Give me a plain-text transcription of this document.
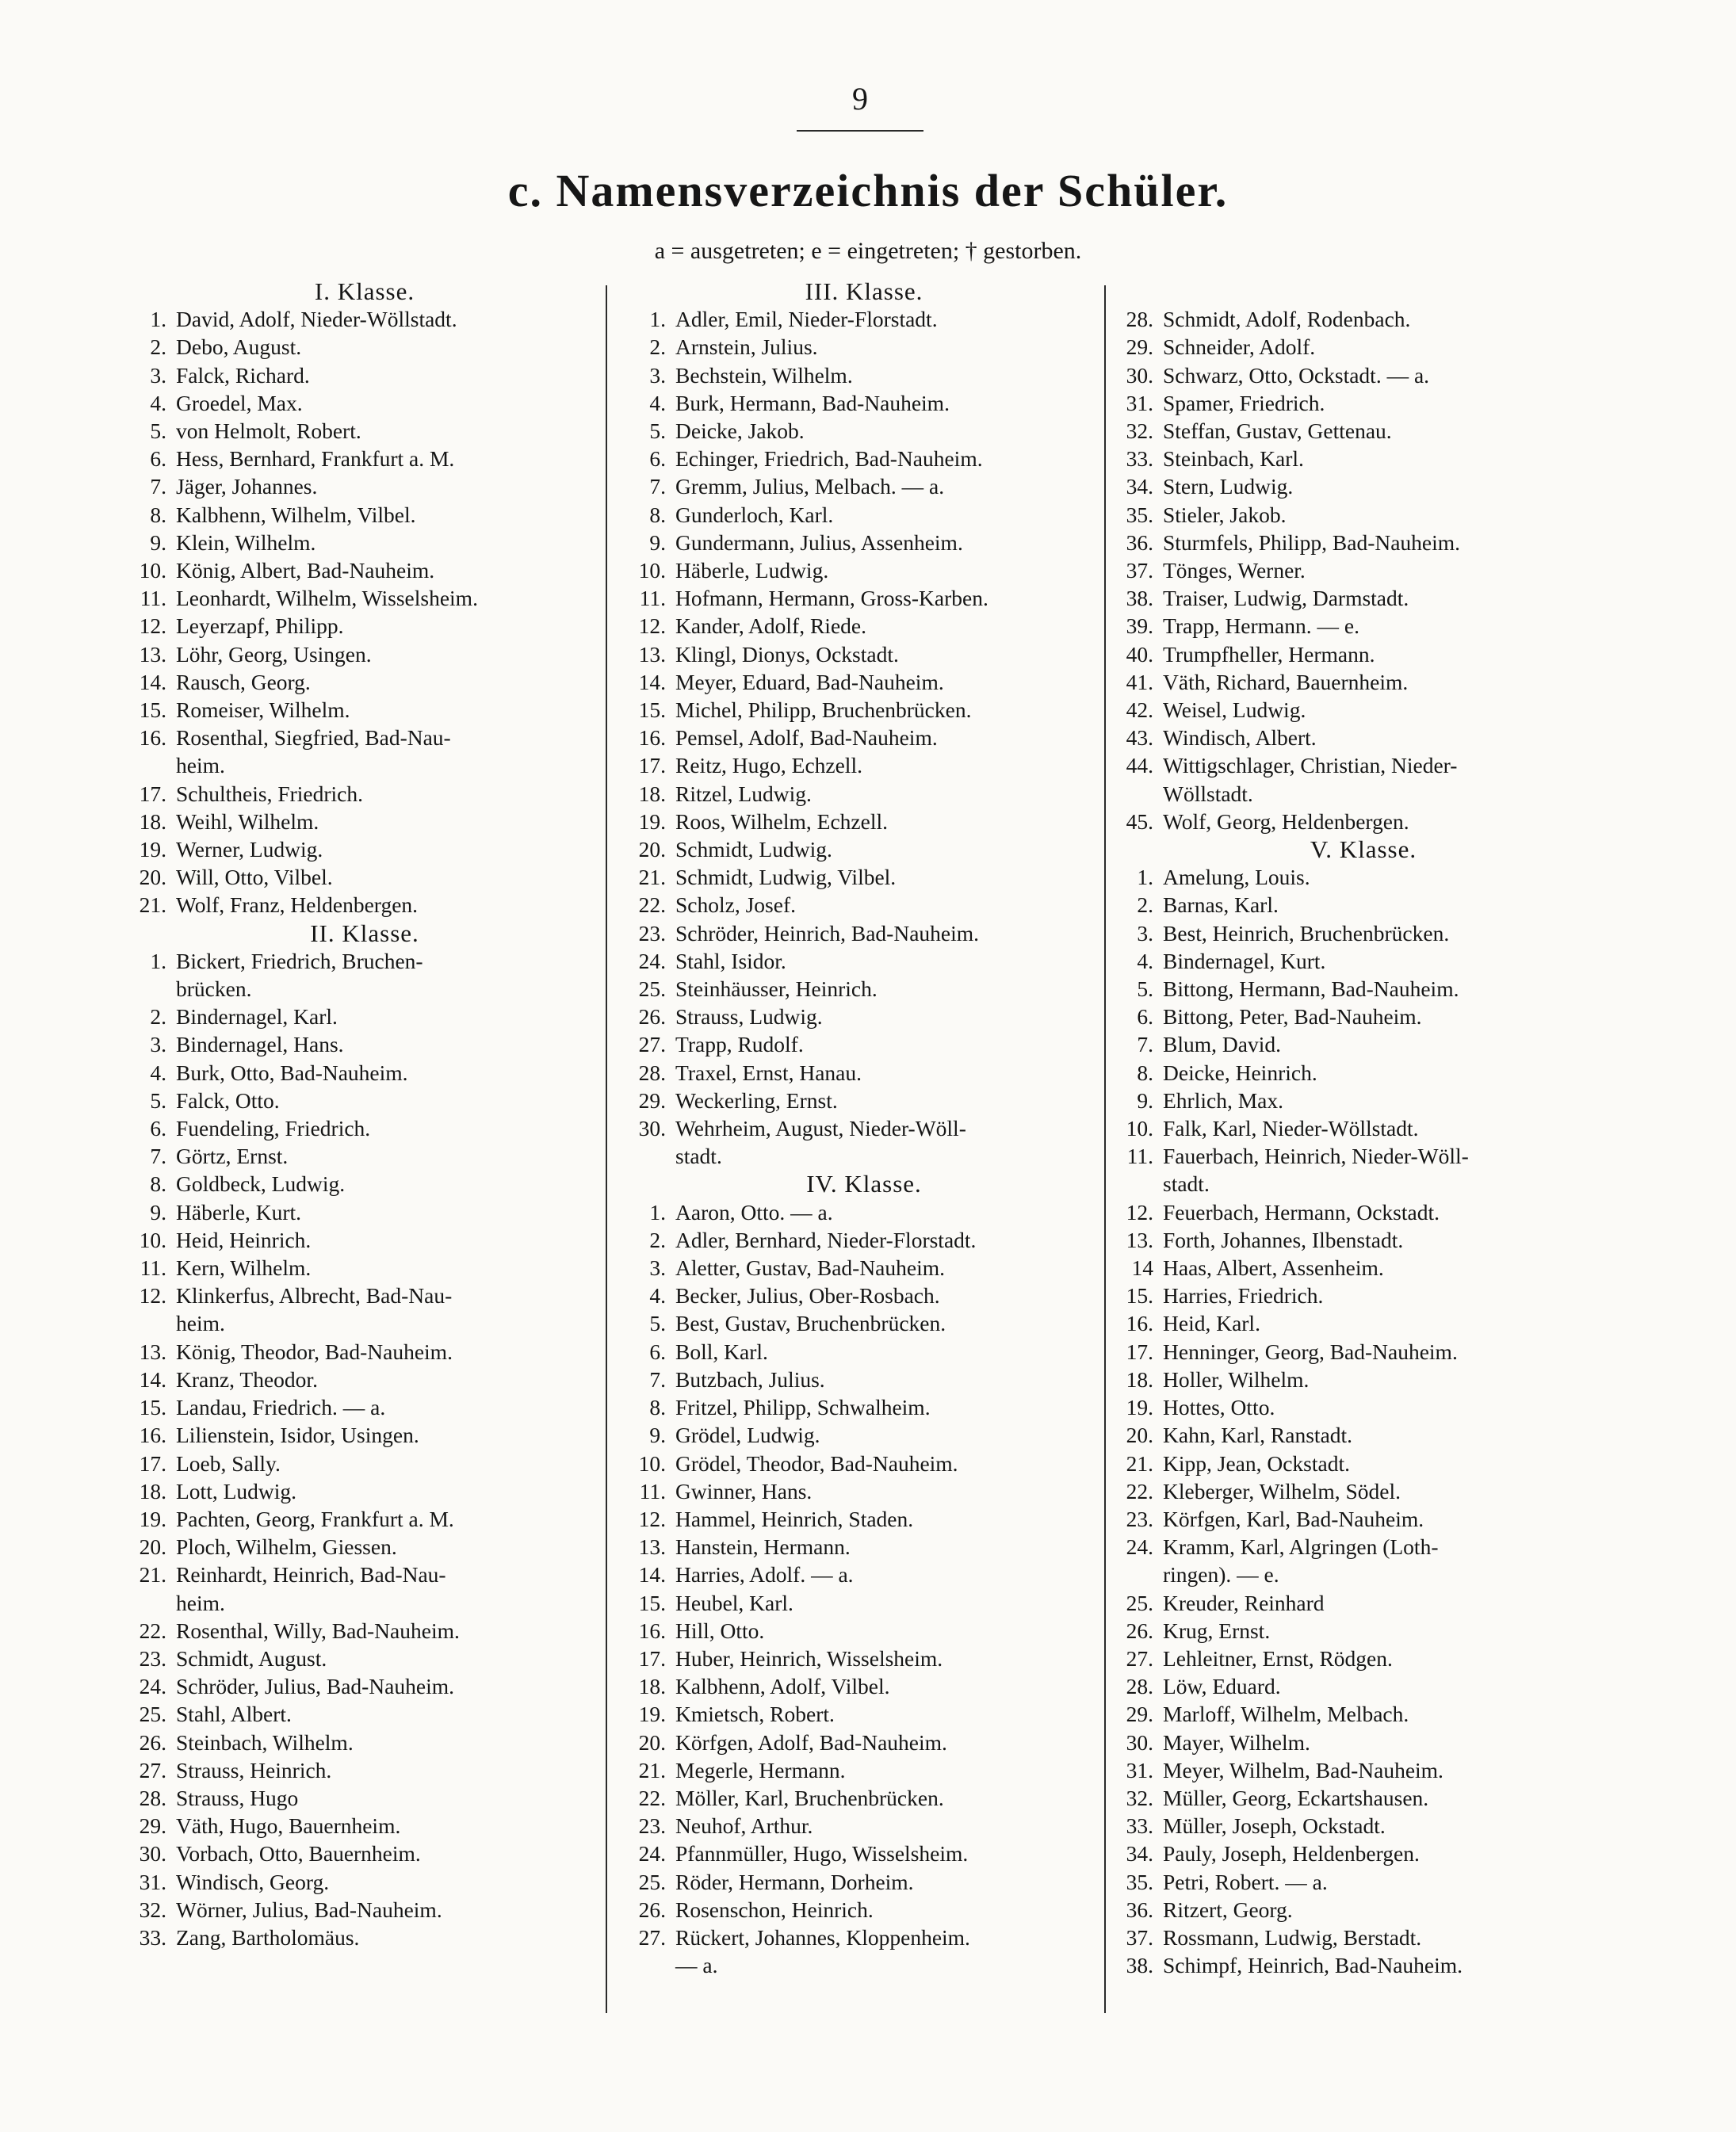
9
c. Namensverzeichnis der Schüler.
a = ausgetreten; e = eingetreten; † gestorben.
I. Klasse.
1. David, Adolf, Nieder-Wöllstadt.
2. Debo, August.
3. Falck, Richard.
4. Groedel, Max.
5. von Helmolt, Robert.
6. Hess, Bernhard, Frankfurt a. M.
7. Jäger, Johannes.
8. Kalbhenn, Wilhelm, Vilbel.
9. Klein, Wilhelm.
10. König, Albert, Bad-Nauheim.
11. Leonhardt, Wilhelm, Wisselsheim.
12. Leyerzapf, Philipp.
13. Löhr, Georg, Usingen.
14. Rausch, Georg.
15. Romeiser, Wilhelm.
16. Rosenthal, Siegfried, Bad-Nau-
heim.
17. Schultheis, Friedrich.
18. Weihl, Wilhelm.
19. Werner, Ludwig.
20. Will, Otto, Vilbel.
21. Wolf, Franz, Heldenbergen.
II. Klasse.
1. Bickert, Friedrich, Bruchen-
brücken.
2. Bindernagel, Karl.
3. Bindernagel, Hans.
4. Burk, Otto, Bad-Nauheim.
5. Falck, Otto.
6. Fuendeling, Friedrich.
7. Görtz, Ernst.
8. Goldbeck, Ludwig.
9. Häberle, Kurt.
10. Heid, Heinrich.
11. Kern, Wilhelm.
12. Klinkerfus, Albrecht, Bad-Nau-
heim.
13. König, Theodor, Bad-Nauheim.
14. Kranz, Theodor.
15. Landau, Friedrich. — a.
16. Lilienstein, Isidor, Usingen.
17. Loeb, Sally.
18. Lott, Ludwig.
19. Pachten, Georg, Frankfurt a. M.
20. Ploch, Wilhelm, Giessen.
21. Reinhardt, Heinrich, Bad-Nau-
heim.
22. Rosenthal, Willy, Bad-Nauheim.
23. Schmidt, August.
24. Schröder, Julius, Bad-Nauheim.
25. Stahl, Albert.
26. Steinbach, Wilhelm.
27. Strauss, Heinrich.
28. Strauss, Hugo
29. Väth, Hugo, Bauernheim.
30. Vorbach, Otto, Bauernheim.
31. Windisch, Georg.
32. Wörner, Julius, Bad-Nauheim.
33. Zang, Bartholomäus.
III. Klasse.
1. Adler, Emil, Nieder-Florstadt.
2. Arnstein, Julius.
3. Bechstein, Wilhelm.
4. Burk, Hermann, Bad-Nauheim.
5. Deicke, Jakob.
6. Echinger, Friedrich, Bad-Nauheim.
7. Gremm, Julius, Melbach. — a.
8. Gunderloch, Karl.
9. Gundermann, Julius, Assenheim.
10. Häberle, Ludwig.
11. Hofmann, Hermann, Gross-Karben.
12. Kander, Adolf, Riede.
13. Klingl, Dionys, Ockstadt.
14. Meyer, Eduard, Bad-Nauheim.
15. Michel, Philipp, Bruchenbrücken.
16. Pemsel, Adolf, Bad-Nauheim.
17. Reitz, Hugo, Echzell.
18. Ritzel, Ludwig.
19. Roos, Wilhelm, Echzell.
20. Schmidt, Ludwig.
21. Schmidt, Ludwig, Vilbel.
22. Scholz, Josef.
23. Schröder, Heinrich, Bad-Nauheim.
24. Stahl, Isidor.
25. Steinhäusser, Heinrich.
26. Strauss, Ludwig.
27. Trapp, Rudolf.
28. Traxel, Ernst, Hanau.
29. Weckerling, Ernst.
30. Wehrheim, August, Nieder-Wöll-
stadt.
IV. Klasse.
1. Aaron, Otto. — a.
2. Adler, Bernhard, Nieder-Florstadt.
3. Aletter, Gustav, Bad-Nauheim.
4. Becker, Julius, Ober-Rosbach.
5. Best, Gustav, Bruchenbrücken.
6. Boll, Karl.
7. Butzbach, Julius.
8. Fritzel, Philipp, Schwalheim.
9. Grödel, Ludwig.
10. Grödel, Theodor, Bad-Nauheim.
11. Gwinner, Hans.
12. Hammel, Heinrich, Staden.
13. Hanstein, Hermann.
14. Harries, Adolf. — a.
15. Heubel, Karl.
16. Hill, Otto.
17. Huber, Heinrich, Wisselsheim.
18. Kalbhenn, Adolf, Vilbel.
19. Kmietsch, Robert.
20. Körfgen, Adolf, Bad-Nauheim.
21. Megerle, Hermann.
22. Möller, Karl, Bruchenbrücken.
23. Neuhof, Arthur.
24. Pfannmüller, Hugo, Wisselsheim.
25. Röder, Hermann, Dorheim.
26. Rosenschon, Heinrich.
27. Rückert, Johannes, Kloppenheim.
— a.
28. Schmidt, Adolf, Rodenbach.
29. Schneider, Adolf.
30. Schwarz, Otto, Ockstadt. — a.
31. Spamer, Friedrich.
32. Steffan, Gustav, Gettenau.
33. Steinbach, Karl.
34. Stern, Ludwig.
35. Stieler, Jakob.
36. Sturmfels, Philipp, Bad-Nauheim.
37. Tönges, Werner.
38. Traiser, Ludwig, Darmstadt.
39. Trapp, Hermann. — e.
40. Trumpfheller, Hermann.
41. Väth, Richard, Bauernheim.
42. Weisel, Ludwig.
43. Windisch, Albert.
44. Wittigschlager, Christian, Nieder-
Wöllstadt.
45. Wolf, Georg, Heldenbergen.
V. Klasse.
1. Amelung, Louis.
2. Barnas, Karl.
3. Best, Heinrich, Bruchenbrücken.
4. Bindernagel, Kurt.
5. Bittong, Hermann, Bad-Nauheim.
6. Bittong, Peter, Bad-Nauheim.
7. Blum, David.
8. Deicke, Heinrich.
9. Ehrlich, Max.
10. Falk, Karl, Nieder-Wöllstadt.
11. Fauerbach, Heinrich, Nieder-Wöll-
stadt.
12. Feuerbach, Hermann, Ockstadt.
13. Forth, Johannes, Ilbenstadt.
14 Haas, Albert, Assenheim.
15. Harries, Friedrich.
16. Heid, Karl.
17. Henninger, Georg, Bad-Nauheim.
18. Holler, Wilhelm.
19. Hottes, Otto.
20. Kahn, Karl, Ranstadt.
21. Kipp, Jean, Ockstadt.
22. Kleberger, Wilhelm, Södel.
23. Körfgen, Karl, Bad-Nauheim.
24. Kramm, Karl, Algringen (Loth-
ringen). — e.
25. Kreuder, Reinhard
26. Krug, Ernst.
27. Lehleitner, Ernst, Rödgen.
28. Löw, Eduard.
29. Marloff, Wilhelm, Melbach.
30. Mayer, Wilhelm.
31. Meyer, Wilhelm, Bad-Nauheim.
32. Müller, Georg, Eckartshausen.
33. Müller, Joseph, Ockstadt.
34. Pauly, Joseph, Heldenbergen.
35. Petri, Robert. — a.
36. Ritzert, Georg.
37. Rossmann, Ludwig, Berstadt.
38. Schimpf, Heinrich, Bad-Nauheim.
